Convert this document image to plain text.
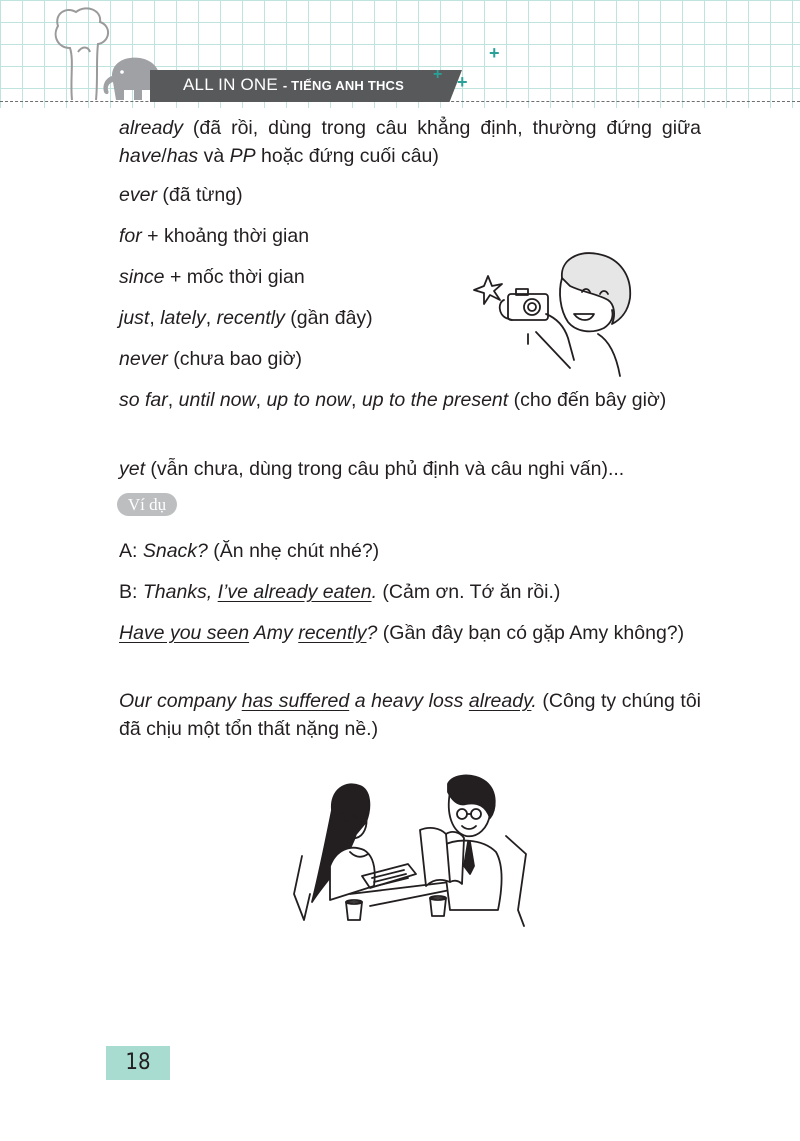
ALL IN ONE - TIẾNG ANH THCS
+
+ +
already (đã rồi, dùng trong câu khẳng định, thường đứng giữa have/has và PP hoặc đứng cuối câu)
ever (đã từng)
for + khoảng thời gian
since + mốc thời gian
just, lately, recently (gần đây)
never (chưa bao giờ)
so far, until now, up to now, up to the present (cho đến bây giờ)
yet (vẫn chưa, dùng trong câu phủ định và câu nghi vấn)...
Ví dụ
A: Snack? (Ăn nhẹ chút nhé?)
B: Thanks, I’ve already eaten. (Cảm ơn. Tớ ăn rồi.)
Have you seen Amy recently? (Gần đây bạn có gặp Amy không?)
Our company has suffered a heavy loss already. (Công ty chúng tôi đã chịu một tổn thất nặng nề.)
18
